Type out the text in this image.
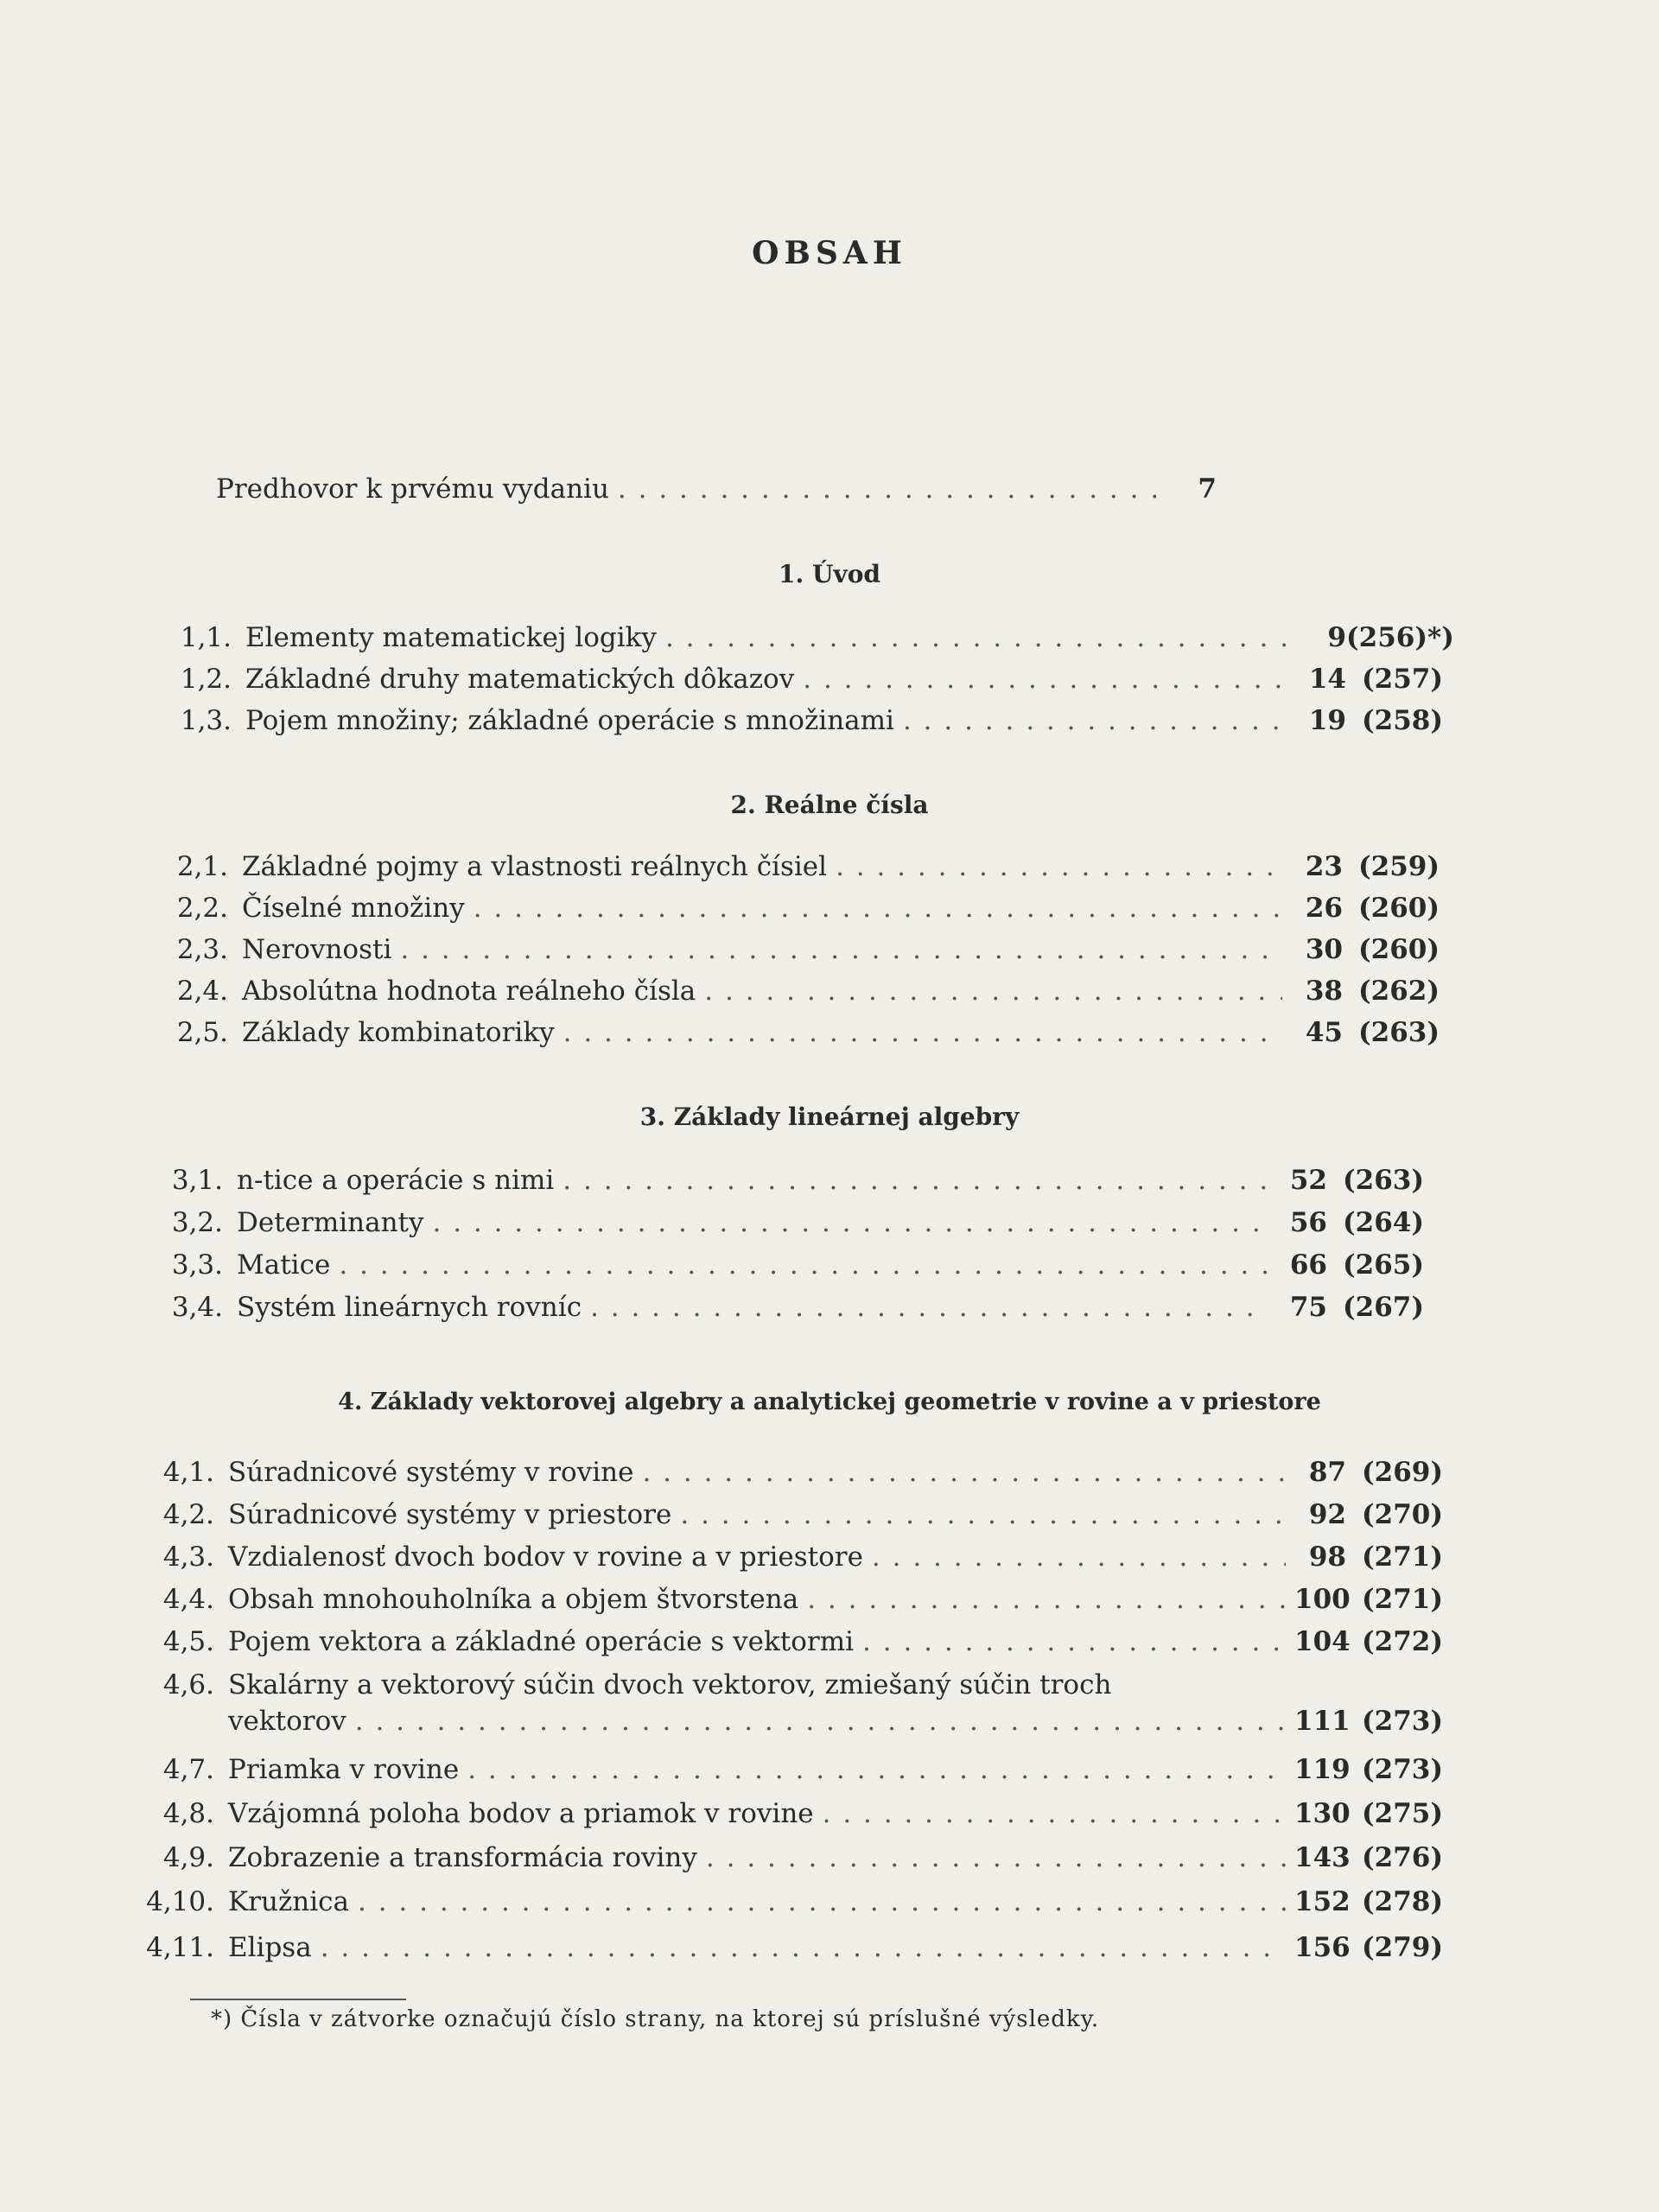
OBSAH
Predhovor k prvému vydaniu . . .	7
1. Úvod
1,1. Elementy matematickej logiky . . .	9 (256)*)
1,2. Základné druhy matematických dôkazov . . .	14 (257)
1,3. Pojem množiny; základné operácie s množinami . . .	19 (258)
2. Reálne čísla
2,1. Základné pojmy a vlastnosti reálnych čísiel . . .	23 (259)
2,2. Číselné množiny . . .	26 (260)
2,3. Nerovnosti . . .	30 (260)
2,4. Absolútna hodnota reálneho čísla . . .	38 (262)
2,5. Základy kombinatoriky . . .	45 (263)
3. Základy lineárnej algebry
3,1. n-tice a operácie s nimi . . .	52 (263)
3,2. Determinanty . . .	56 (264)
3,3. Matice . . .	66 (265)
3,4. Systém lineárnych rovníc . . .	75 (267)
4. Základy vektorovej algebry a analytickej geometrie v rovine a v priestore
4,1. Súradnicové systémy v rovine . . .	87 (269)
4,2. Súradnicové systémy v priestore . . .	92 (270)
4,3. Vzdialenosť dvoch bodov v rovine a v priestore . . .	98 (271)
4,4. Obsah mnohouholníka a objem štvorstena . . .	100 (271)
4,5. Pojem vektora a základné operácie s vektormi . . .	104 (272)
4,6. Skalárny a vektorový súčin dvoch vektorov, zmiešaný súčin troch
vektorov . . .	111 (273)
4,7. Priamka v rovine . . .	119 (273)
4,8. Vzájomná poloha bodov a priamok v rovine . . .	130 (275)
4,9. Zobrazenie a transformácia roviny . . .	143 (276)
4,10. Kružnica . . .	152 (278)
4,11. Elipsa . . .	156 (279)
*) Čísla v zátvorke označujú číslo strany, na ktorej sú príslušné výsledky.
